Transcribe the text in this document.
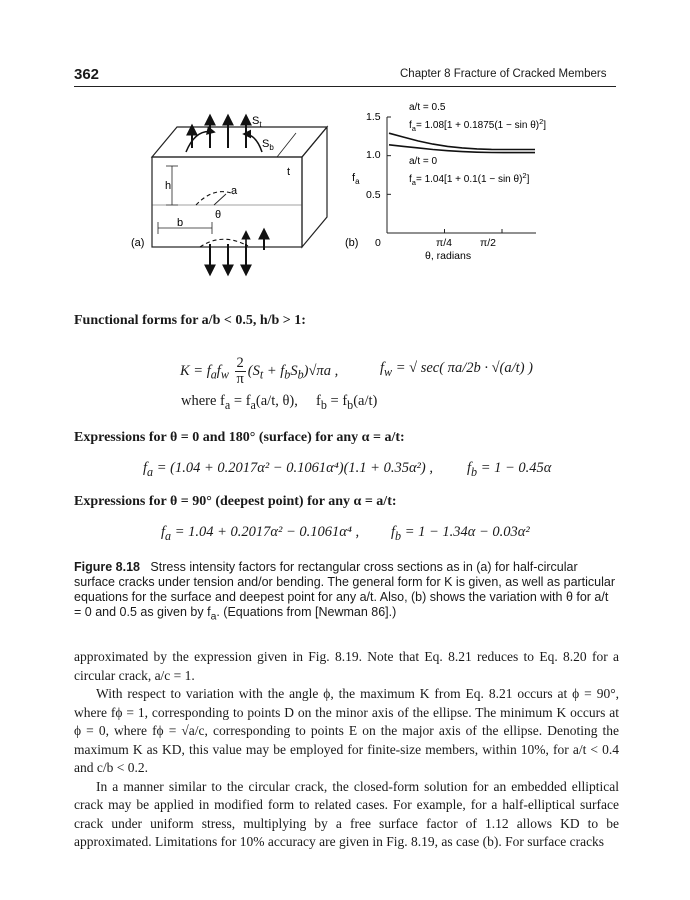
362	Chapter 8 Fracture of Cracked Members
$S_t$
$S_b$
t
h	a
θ
b
(a)
$f_a$
π/4	π/2
0
θ, radians
0.5
1.0
1.5
a/t = 0.5
$f_a= 1.08[1 + 0.1875(1 - \sin \theta)^2]$
a/t = 0
$f_a= 1.04[1 + 0.1(1 - \sin \theta)^2]$
(b)
Functional forms for a/b < 0.5, h/b > 1:
$K = f_af_w \frac{2}{\pi} (S_t + f_bS_b)√\pi a$ ,	$f_w$ = √ sec( πa/2b · √(a/t) )
where $f_a = f_a(a/t$, θ), $f_b = f_b(a/t)$
Expressions for θ = 0 and 180° (surface) for any α = a/t:
$f_a = (1.04 + 0.2017\alpha^2 - 0.1061\alpha^4)(1.1 + 0.35\alpha^2)$ , $f_b = 1 - 0.45\alpha$
Expressions for θ = 90° (deepest point) for any α = a/t:
$f_a = 1.04 + 0.2017\alpha^2 - 0.1061\alpha^4$ , $f_b = 1 - 1.34\alpha - 0.03\alpha^2$
Figure 8.18 Stress intensity factors for rectangular cross sections as in (a) for half-circular surface cracks under tension and/or bending. The general form for K is given, as well as particular equations for the surface and deepest point for any a/t. Also, (b) shows the variation with θ for a/t = 0 and 0.5 as given by $f_a$. (Equations from [Newman 86].)

approximated by the expression given in Fig. 8.19. Note that Eq. 8.21 reduces to Eq. 8.20 for a circular crack, a/c = 1.

With respect to variation with the angle ϕ, the maximum K from Eq. 8.21 occurs at ϕ = 90°, where fϕ = 1, corresponding to points D on the minor axis of the ellipse. The minimum K occurs at ϕ = 0, where fϕ = √a/c, corresponding to points E on the major axis of the ellipse. Denoting the maximum K as KD, this value may be employed for finite-size members, within 10%, for a/t < 0.4 and c/b < 0.2.

In a manner similar to the circular crack, the closed-form solution for an embedded elliptical crack may be applied in modified form to related cases. For example, for a half-elliptical surface crack under uniform stress, multiplying by a free surface factor of 1.12 allows KD to be approximated. Limitations for 10% accuracy are given in Fig. 8.19, as case (b). For surface cracks
